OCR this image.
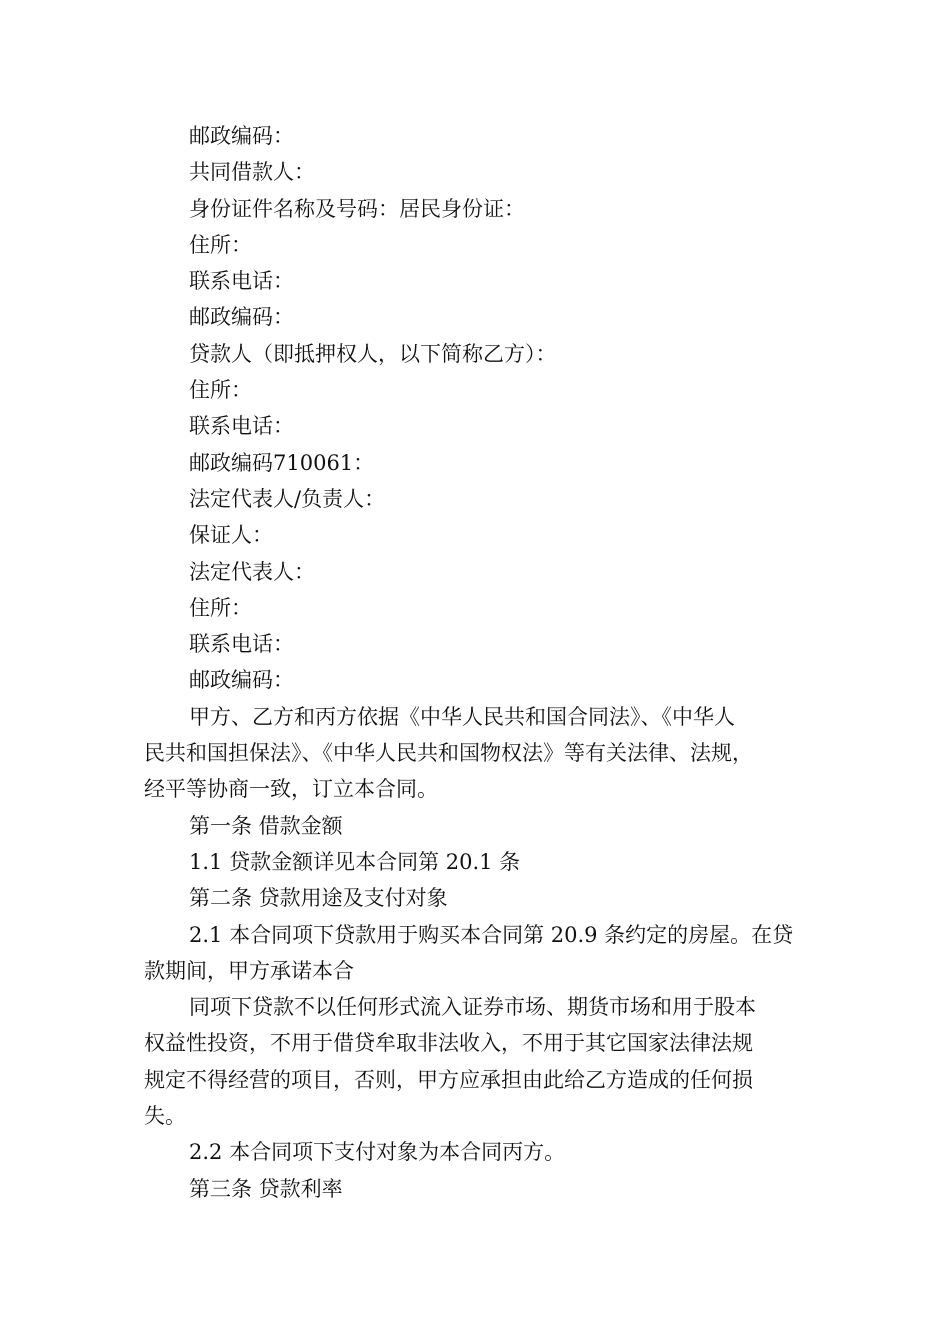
邮政编码：

共同借款人：

身份证件名称及号码：居民身份证：

住所：

联系电话：

邮政编码：

贷款人（即抵押权人，以下简称乙方）：

住所：

联系电话：

邮政编码710061：

法定代表人/负责人：

保证人：

法定代表人：

住所：

联系电话：

邮政编码：

甲方、乙方和丙方依据《中华人民共和国合同法》、《中华人

民共和国担保法》、《中华人民共和国物权法》等有关法律、法规，

经平等协商一致，订立本合同。

第一条 借款金额

1.1 贷款金额详见本合同第 20.1 条

第二条 贷款用途及支付对象

2.1 本合同项下贷款用于购买本合同第 20.9 条约定的房屋。在贷

款期间，甲方承诺本合

同项下贷款不以任何形式流入证券市场、期货市场和用于股本

权益性投资，不用于借贷牟取非法收入，不用于其它国家法律法规

规定不得经营的项目，否则，甲方应承担由此给乙方造成的任何损

失。

2.2 本合同项下支付对象为本合同丙方。

第三条 贷款利率
